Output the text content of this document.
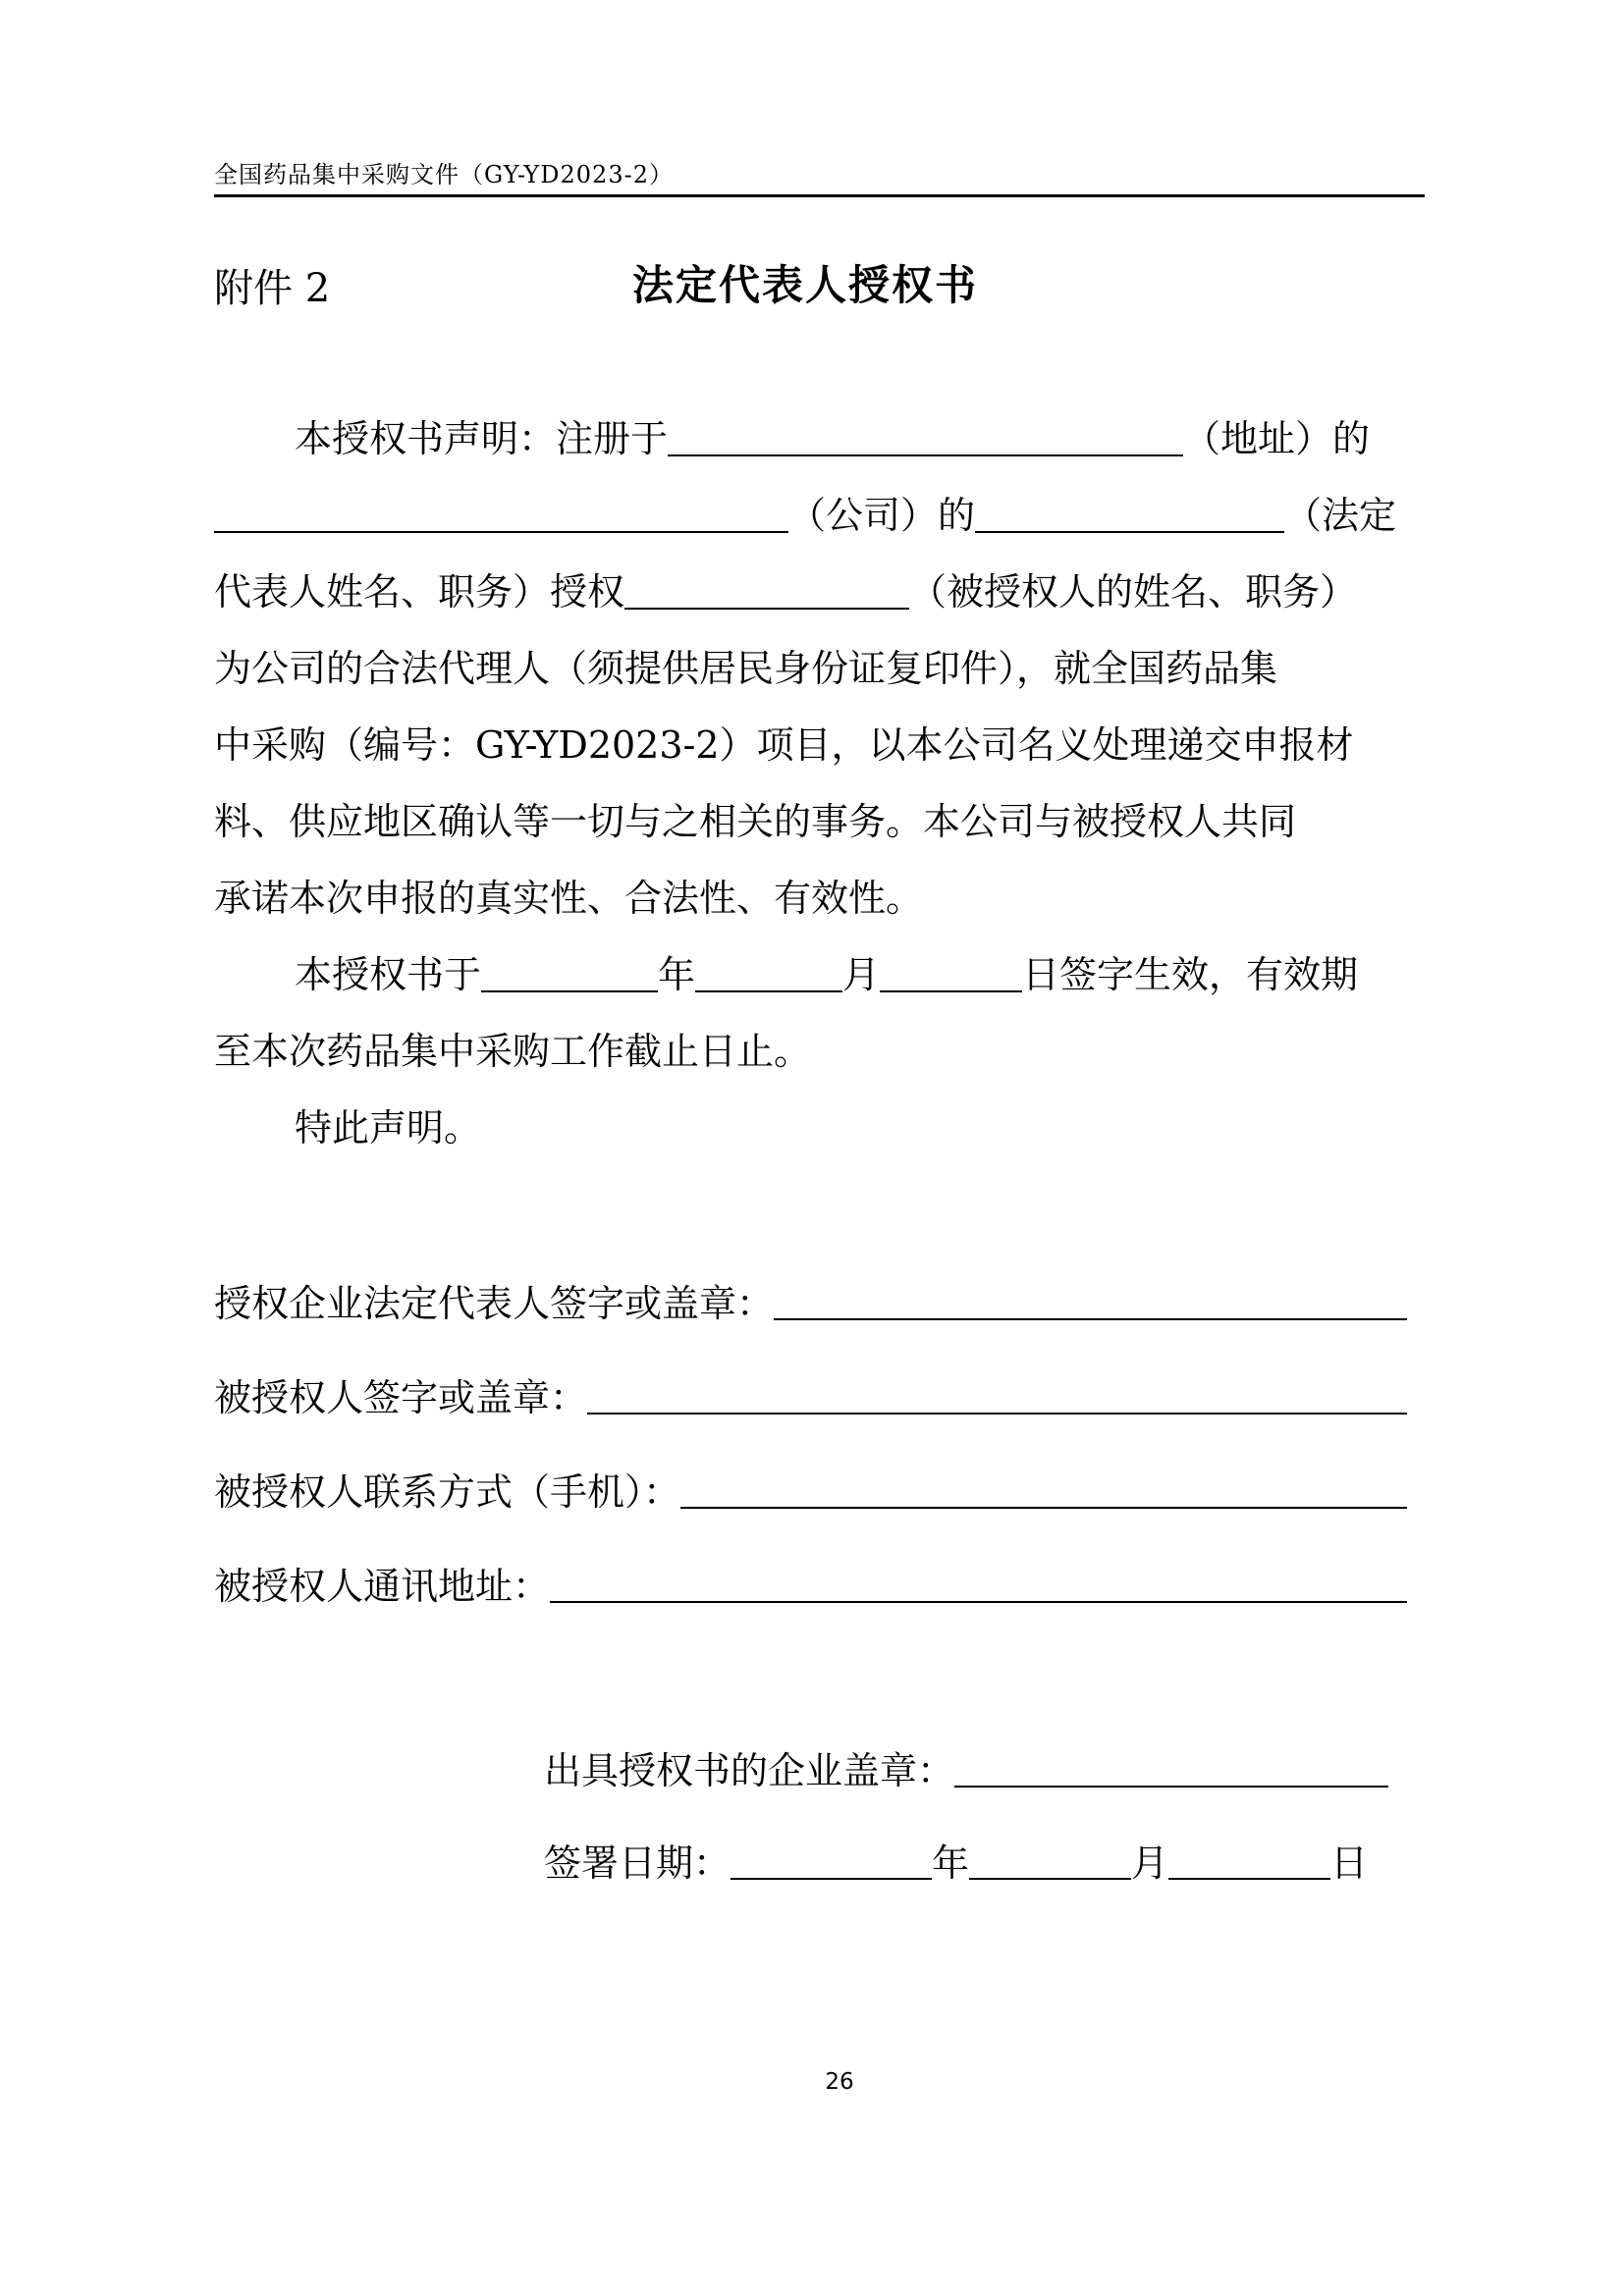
全国药品集中采购文件（GY-YD2023-2）
附件 2	法定代表人授权书
本授权书声明：注册于	（地址）的
（公司）的	（法定
代表人姓名、职务）授权	（被授权人的姓名、职务）
为公司的合法代理人（须提供居民身份证复印件），就全国药品集
中采购（编号：GY-YD2023-2）项目，以本公司名义处理递交申报材
料、供应地区确认等一切与之相关的事务。本公司与被授权人共同
承诺本次申报的真实性、合法性、有效性。
本授权书于	年	月	日签字生效，有效期
至本次药品集中采购工作截止日止。
特此声明。
授权企业法定代表人签字或盖章：
被授权人签字或盖章：
被授权人联系方式（手机）：
被授权人通讯地址：
出具授权书的企业盖章：
签署日期：	年	月	日
26
